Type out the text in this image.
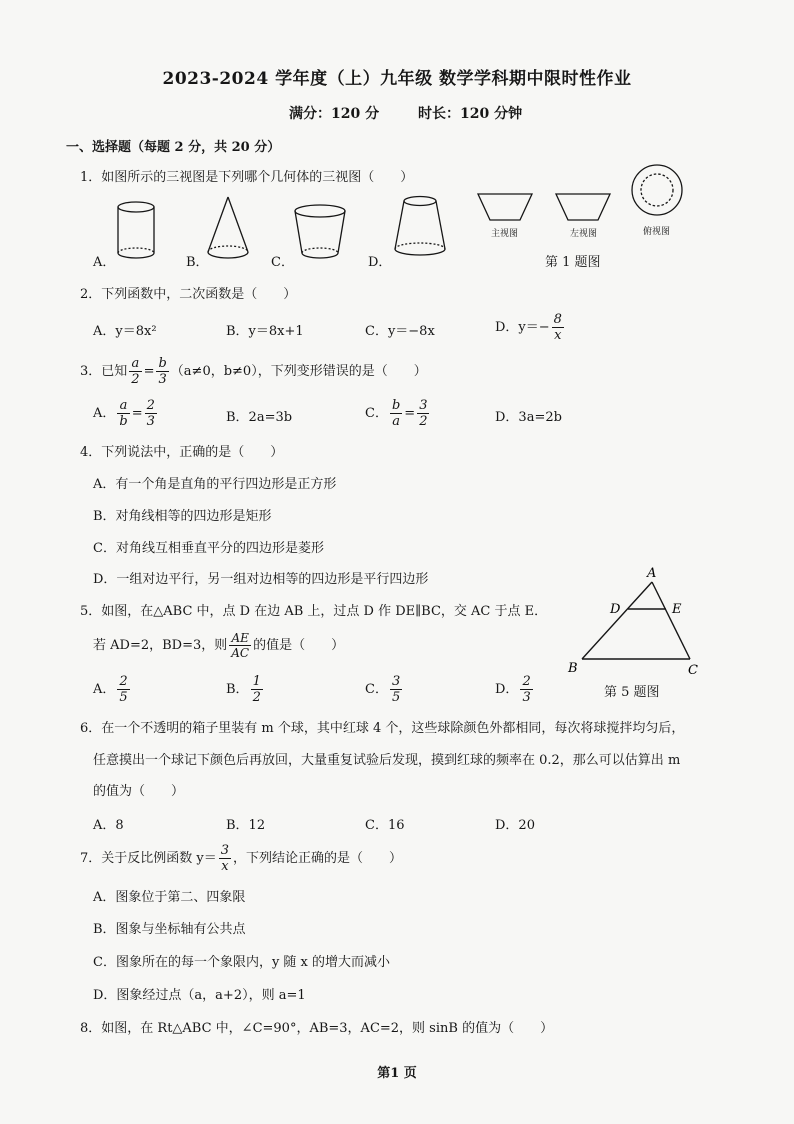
2023-2024 学年度（上）九年级 数学学科期中限时性作业
满分：120 分	时长：120 分钟
一、选择题（每题 2 分，共 20 分）
1．如图所示的三视图是下列哪个几何体的三视图（　　）
A．	B．	C．	D．
主视图	左视图	俯视图
第 1 题图
2．下列函数中，二次函数是（　　）
A．y＝8x²	B．y＝8x+1	C．y＝−8x	D．$y=- \frac{8}{x}$
3．已知 $\frac{a}{2} = \frac{b}{3} (a\ne 0$，b≠0），下列变形错误的是（　　）
A． $\frac{a}{b} = \frac{2}{3}$	B．2a=3b	C． $\frac{b}{a} = \frac{3}{2}$	D．3a=2b
4．下列说法中，正确的是（　　）
A．有一个角是直角的平行四边形是正方形
B．对角线相等的四边形是矩形
C．对角线互相垂直平分的四边形是菱形
D．一组对边平行，另一组对边相等的四边形是平行四边形	A
D	E
B	C
5．如图，在△ABC 中，点 D 在边 AB 上，过点 D 作 DE∥BC，交 AC 于点 E．
若 AD=2，BD=3，则 $\frac{AE}{AC}$ 的值是（　　）
A． $\frac{2}{5}$	B． $\frac{1}{2}$	C． $\frac{3}{5}$	D． $\frac{2}{3}$	第 5 题图
6．在一个不透明的箱子里装有 m 个球，其中红球 4 个，这些球除颜色外都相同，每次将球搅拌均匀后，
任意摸出一个球记下颜色后再放回，大量重复试验后发现，摸到红球的频率在 0.2，那么可以估算出 m
的值为（　　）
A．8	B．12	C．16	D．20
7．关于反比例函数 $y= \frac{3}{x}$ ，下列结论正确的是（　　）
A．图象位于第二、四象限
B．图象与坐标轴有公共点
C．图象所在的每一个象限内，y 随 x 的增大而减小
D．图象经过点（a，a+2），则 a=1
8．如图，在 Rt△ABC 中，∠C=90°，AB=3，AC=2，则 sinB 的值为（　　）
第1 页
